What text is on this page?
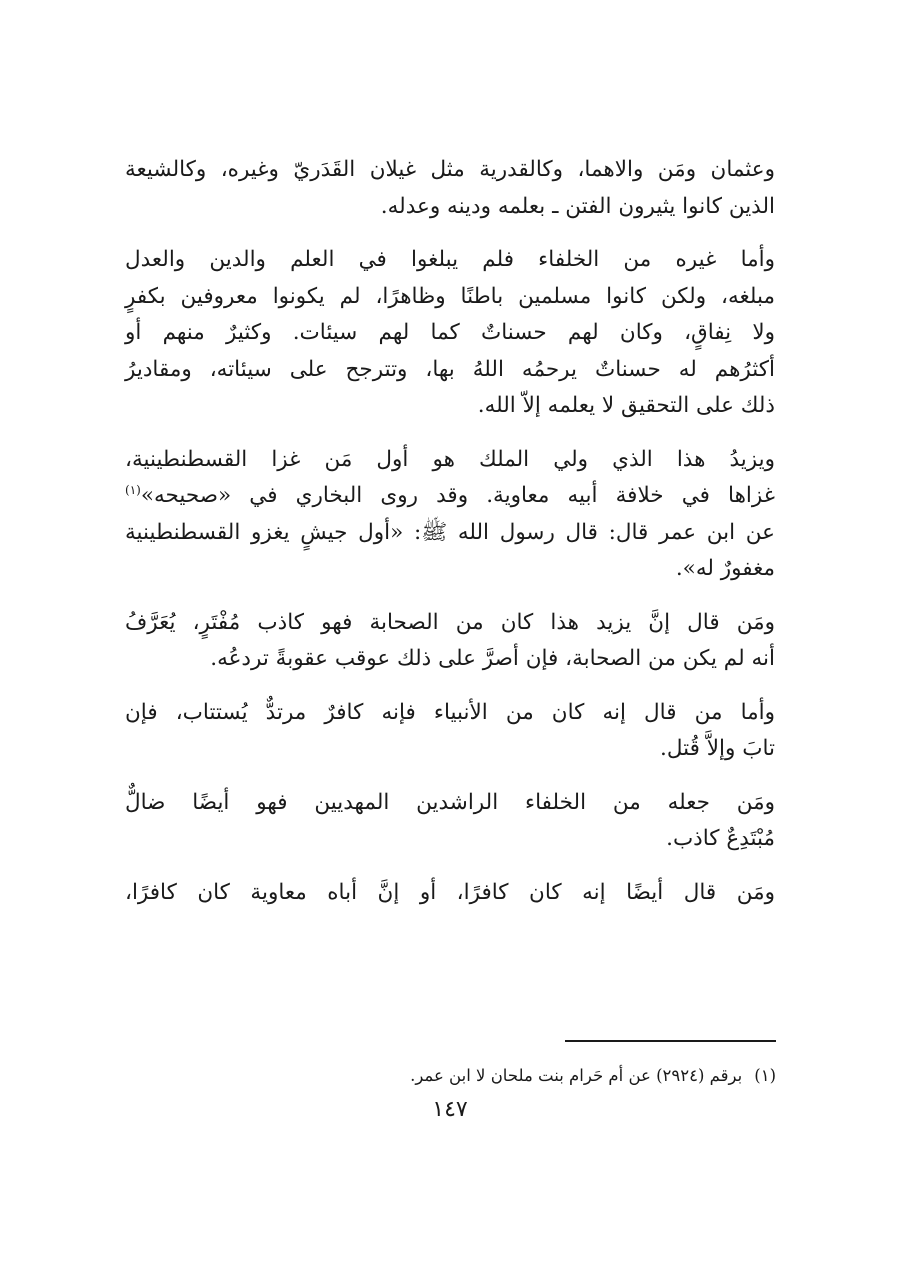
وعثمان ومَن والاهما، وكالقدرية مثل غيلان القَدَريّ وغيره، وكالشيعة
الذين كانوا يثيرون الفتن ـ بعلمه ودينه وعدله.
وأما غيره من الخلفاء فلم يبلغوا في العلم والدين والعدل
مبلغه، ولكن كانوا مسلمين باطنًا وظاهرًا، لم يكونوا معروفين بكفرٍ
ولا نِفاقٍ، وكان لهم حسناتٌ كما لهم سيئات. وكثيرٌ منهم أو
أكثرُهم له حسناتٌ يرحمُه اللهُ بها، وتترجح على سيئاته، ومقاديرُ
ذلك على التحقيق لا يعلمه إلاّ الله.
ويزيدُ هذا الذي ولي الملك هو أول مَن غزا القسطنطينية،
غزاها في خلافة أبيه معاوية. وقد روى البخاري في «صحيحه»$^{(١)}$
عن ابن عمر قال: قال رسول الله ﷺ: «أول جيشٍ يغزو القسطنطينية
مغفورٌ له».
ومَن قال إنَّ يزيد هذا كان من الصحابة فهو كاذب مُفْتَرٍ، يُعَرَّفُ
أنه لم يكن من الصحابة، فإن أصرَّ على ذلك عوقب عقوبةً تردعُه.
وأما من قال إنه كان من الأنبياء فإنه كافرٌ مرتدٌّ يُستتاب، فإن
تابَ وإلاَّ قُتل.
ومَن جعله من الخلفاء الراشدين المهديين فهو أيضًا ضالٌّ
مُبْتَدِعٌ كاذب.
ومَن قال أيضًا إنه كان كافرًا، أو إنَّ أباه معاوية كان كافرًا،
(١)برقم (٢٩٢٤) عن أم حَرام بنت ملحان لا ابن عمر.
١٤٧
